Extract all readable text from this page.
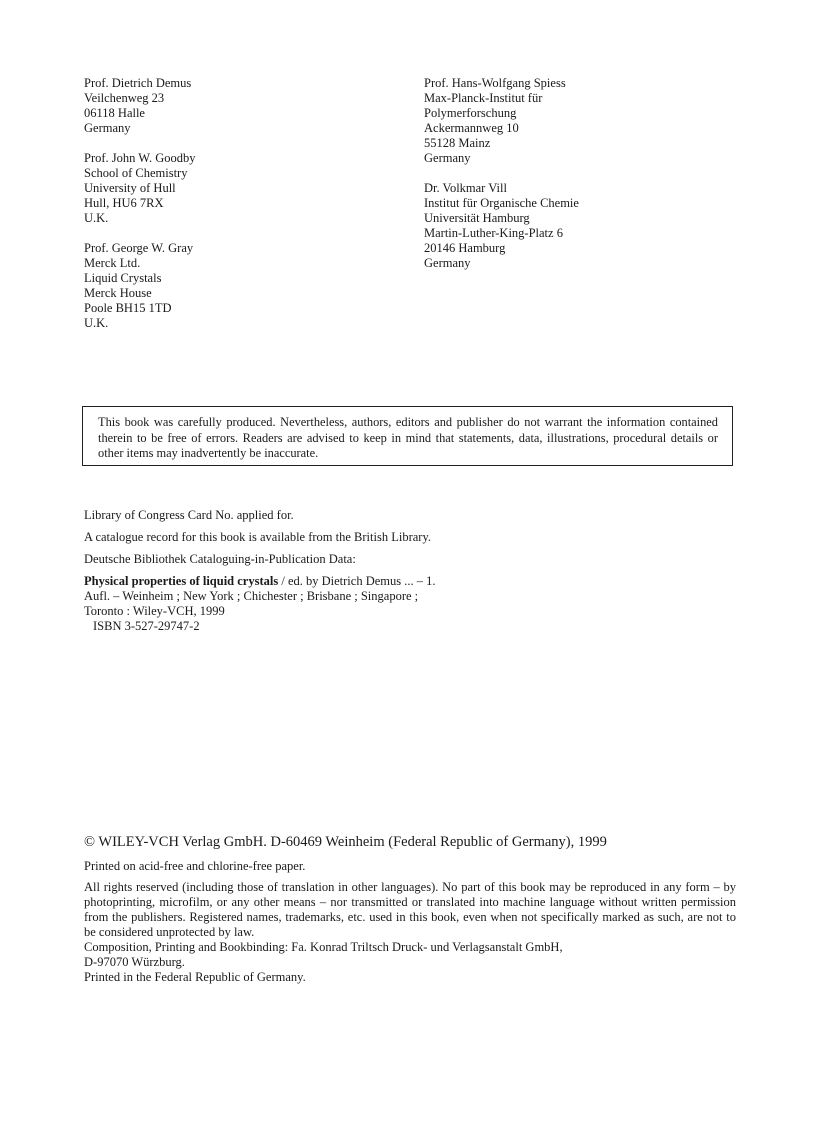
Prof. Dietrich Demus
Veilchenweg 23
06118 Halle
Germany
Prof. John W. Goodby
School of Chemistry
University of Hull
Hull, HU6 7RX
U.K.
Prof. George W. Gray
Merck Ltd.
Liquid Crystals
Merck House
Poole BH15 1TD
U.K.
Prof. Hans-Wolfgang Spiess
Max-Planck-Institut für
Polymerforschung
Ackermannweg 10
55128 Mainz
Germany
Dr. Volkmar Vill
Institut für Organische Chemie
Universität Hamburg
Martin-Luther-King-Platz 6
20146 Hamburg
Germany
This book was carefully produced. Nevertheless, authors, editors and publisher do not warrant the information contained therein to be free of errors. Readers are advised to keep in mind that statements, data, illustrations, procedural details or other items may inadvertently be inaccurate.

Library of Congress Card No. applied for.

A catalogue record for this book is available from the British Library.

Deutsche Bibliothek Cataloguing-in-Publication Data:

Physical properties of liquid crystals / ed. by Dietrich Demus ... – 1.

Aufl. – Weinheim ; New York ; Chichester ; Brisbane ; Singapore ;

Toronto : Wiley-VCH, 1999

ISBN 3-527-29747-2

© WILEY-VCH Verlag GmbH. D-60469 Weinheim (Federal Republic of Germany), 1999

Printed on acid-free and chlorine-free paper.

All rights reserved (including those of translation in other languages). No part of this book may be reproduced in any form – by photoprinting, microfilm, or any other means – nor transmitted or translated into machine language without written permission from the publishers. Registered names, trademarks, etc. used in this book, even when not specifically marked as such, are not to be considered unprotected by law.

Composition, Printing and Bookbinding: Fa. Konrad Triltsch Druck- und Verlagsanstalt GmbH,

D-97070 Würzburg.

Printed in the Federal Republic of Germany.
